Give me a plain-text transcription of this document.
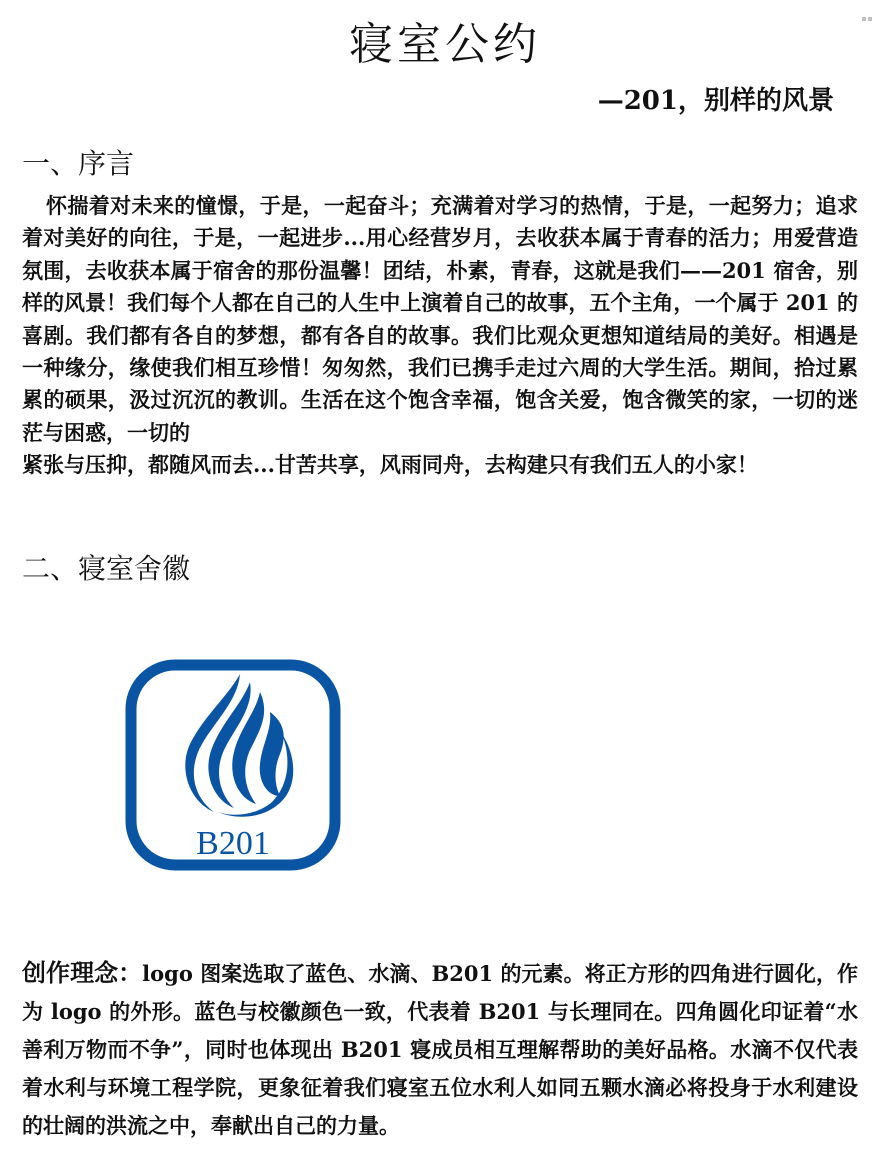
寝室公约
—201，别样的风景
一、序言
怀揣着对未来的憧憬，于是，一起奋斗；充满着对学习的热情，于是，一起努力；追求着对美好的向往，于是，一起进步...用心经营岁月，去收获本属于青春的活力；用爱营造氛围，去收获本属于宿舍的那份温馨！团结，朴素，青春，这就是我们——201 宿舍，别样的风景！我们每个人都在自己的人生中上演着自己的故事，五个主角，一个属于 201 的喜剧。我们都有各自的梦想，都有各自的故事。我们比观众更想知道结局的美好。相遇是一种缘分，缘使我们相互珍惜！匆匆然，我们已携手走过六周的大学生活。期间，拾过累累的硕果，汲过沉沉的教训。生活在这个饱含幸福，饱含关爱，饱含微笑的家，一切的迷茫与困惑，一切的
紧张与压抑，都随风而去...甘苦共享，风雨同舟，去构建只有我们五人的小家！
二、寝室舍徽
B201
创作理念：logo 图案选取了蓝色、水滴、B201 的元素。将正方形的四角进行圆化，作为 logo 的外形。蓝色与校徽颜色一致，代表着 B201 与长理同在。四角圆化印证着“水善利万物而不争”，同时也体现出 B201 寝成员相互理解帮助的美好品格。水滴不仅代表着水利与环境工程学院，更象征着我们寝室五位水利人如同五颗水滴必将投身于水利建设的壮阔的洪流之中，奉献出自己的力量。
